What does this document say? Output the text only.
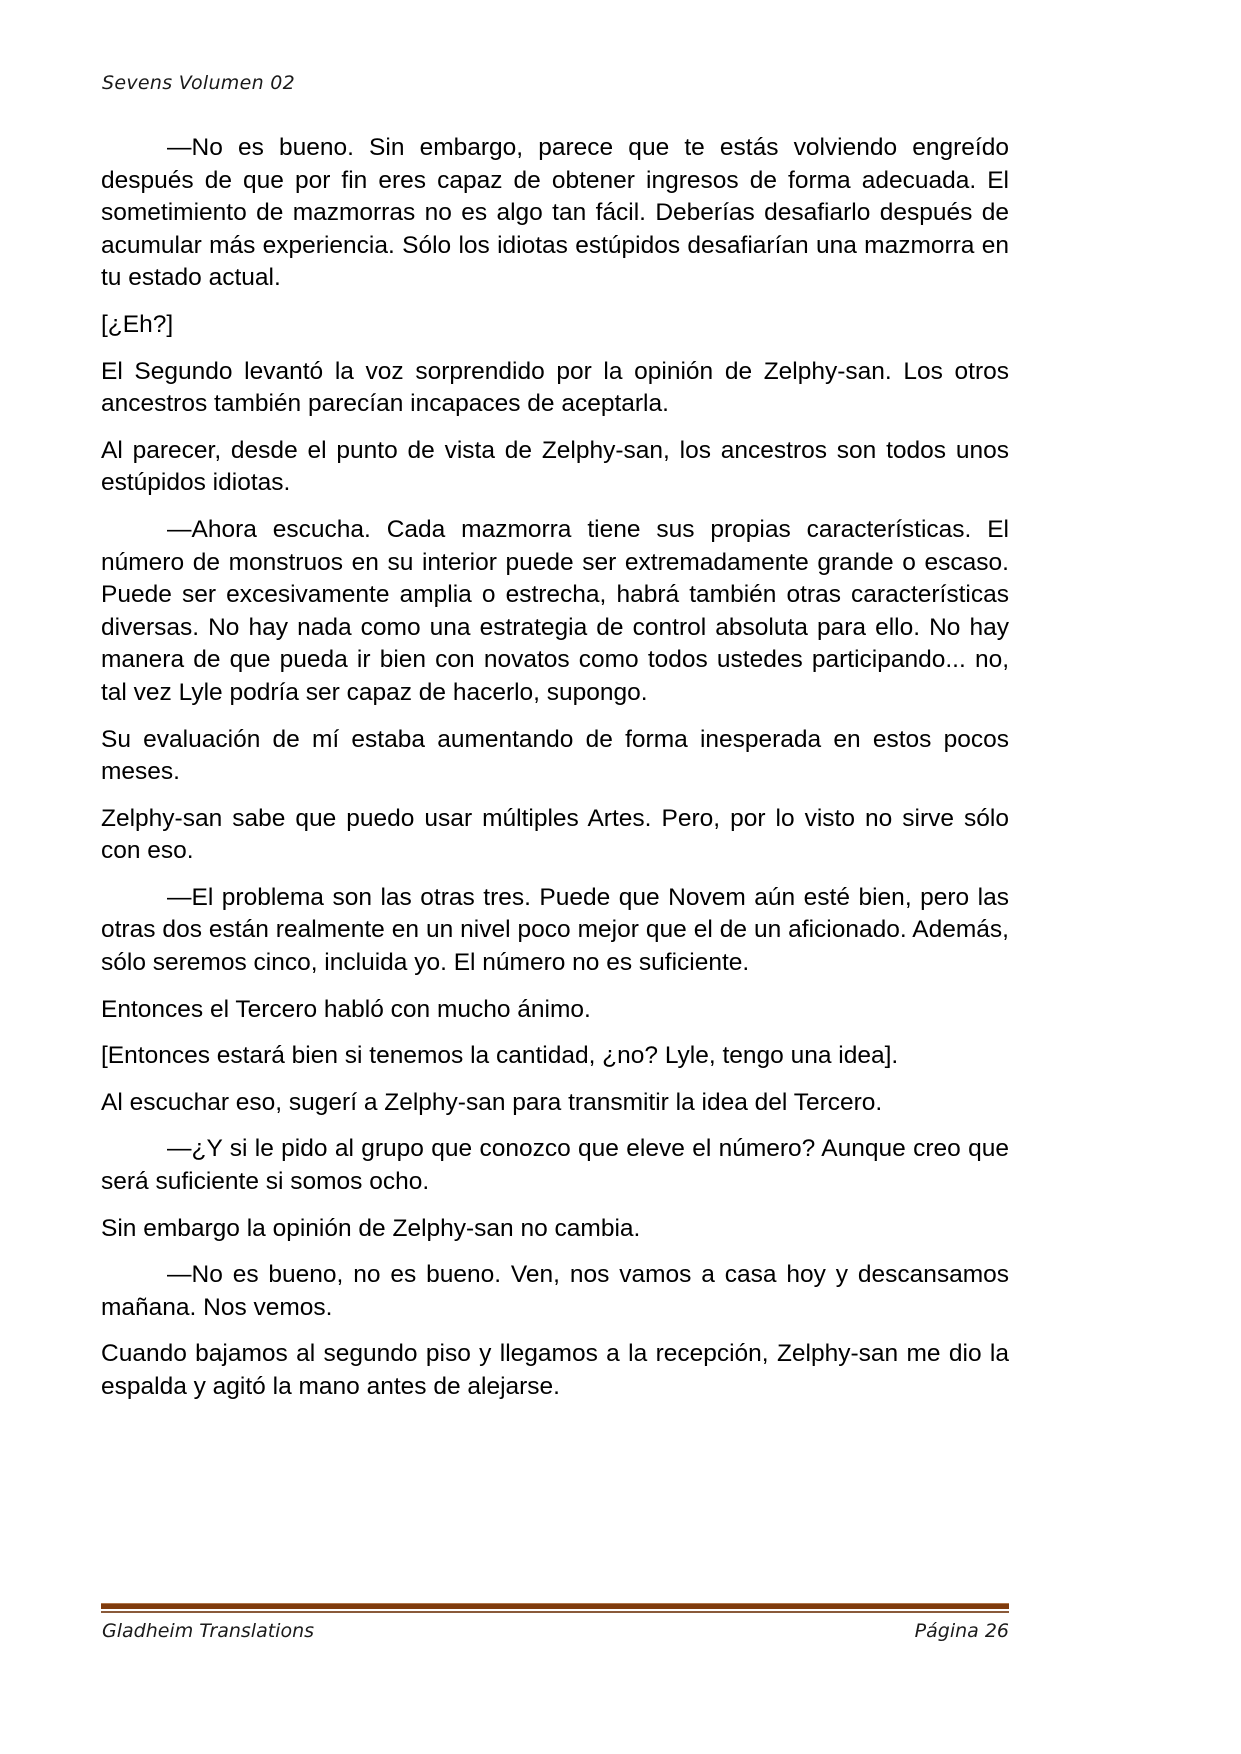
Sevens Volumen 02

—No es bueno. Sin embargo, parece que te estás volviendo engreído después de que por fin eres capaz de obtener ingresos de forma adecuada. El sometimiento de mazmorras no es algo tan fácil. Deberías desafiarlo después de acumular más experiencia. Sólo los idiotas estúpidos desafiarían una mazmorra en tu estado actual.

[¿Eh?]

El Segundo levantó la voz sorprendido por la opinión de Zelphy-san. Los otros ancestros también parecían incapaces de aceptarla.

Al parecer, desde el punto de vista de Zelphy-san, los ancestros son todos unos estúpidos idiotas.

—Ahora escucha. Cada mazmorra tiene sus propias características. El número de monstruos en su interior puede ser extremadamente grande o escaso. Puede ser excesivamente amplia o estrecha, habrá también otras características diversas. No hay nada como una estrategia de control absoluta para ello. No hay manera de que pueda ir bien con novatos como todos ustedes participando... no, tal vez Lyle podría ser capaz de hacerlo, supongo.

Su evaluación de mí estaba aumentando de forma inesperada en estos pocos meses.

Zelphy-san sabe que puedo usar múltiples Artes. Pero, por lo visto no sirve sólo con eso.

—El problema son las otras tres. Puede que Novem aún esté bien, pero las otras dos están realmente en un nivel poco mejor que el de un aficionado. Además, sólo seremos cinco, incluida yo. El número no es suficiente.

Entonces el Tercero habló con mucho ánimo.

[Entonces estará bien si tenemos la cantidad, ¿no? Lyle, tengo una idea].

Al escuchar eso, sugerí a Zelphy-san para transmitir la idea del Tercero.

—¿Y si le pido al grupo que conozco que eleve el número? Aunque creo que será suficiente si somos ocho.

Sin embargo la opinión de Zelphy-san no cambia.

—No es bueno, no es bueno. Ven, nos vamos a casa hoy y descansamos mañana. Nos vemos.

Cuando bajamos al segundo piso y llegamos a la recepción, Zelphy-san me dio la espalda y agitó la mano antes de alejarse.

Gladheim Translations	Página 26
